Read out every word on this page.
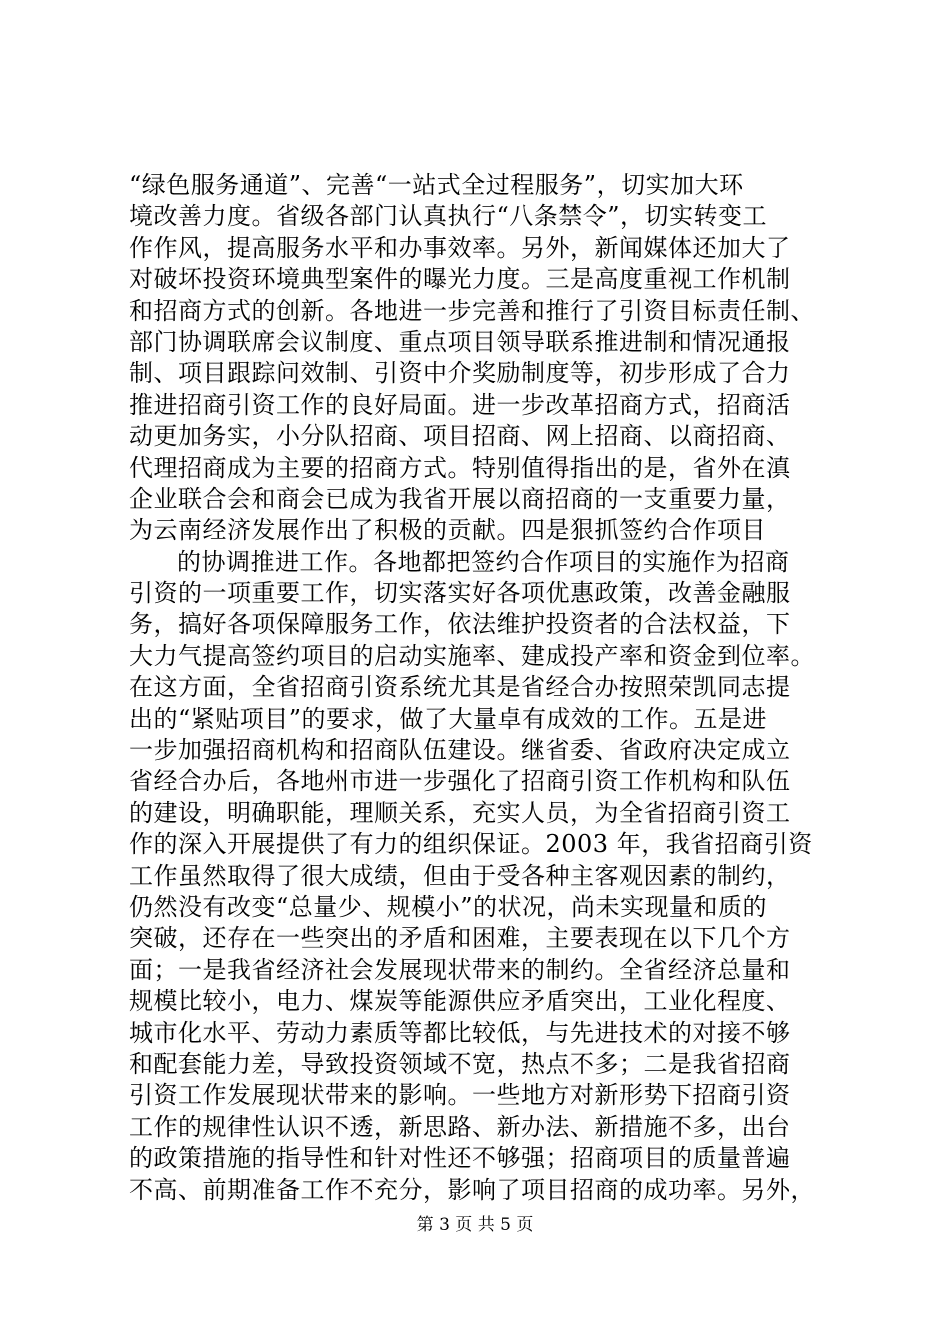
“绿色服务通道”、完善“一站式全过程服务”，切实加大环
境改善力度。省级各部门认真执行“八条禁令”，切实转变工
作作风，提高服务水平和办事效率。另外，新闻媒体还加大了
对破坏投资环境典型案件的曝光力度。三是高度重视工作机制
和招商方式的创新。各地进一步完善和推行了引资目标责任制、
部门协调联席会议制度、重点项目领导联系推进制和情况通报
制、项目跟踪问效制、引资中介奖励制度等，初步形成了合力
推进招商引资工作的良好局面。进一步改革招商方式，招商活
动更加务实，小分队招商、项目招商、网上招商、以商招商、
代理招商成为主要的招商方式。特别值得指出的是，省外在滇
企业联合会和商会已成为我省开展以商招商的一支重要力量，
为云南经济发展作出了积极的贡献。四是狠抓签约合作项目
的协调推进工作。各地都把签约合作项目的实施作为招商
引资的一项重要工作，切实落实好各项优惠政策，改善金融服
务，搞好各项保障服务工作，依法维护投资者的合法权益，下
大力气提高签约项目的启动实施率、建成投产率和资金到位率。
在这方面，全省招商引资系统尤其是省经合办按照荣凯同志提
出的“紧贴项目”的要求，做了大量卓有成效的工作。五是进
一步加强招商机构和招商队伍建设。继省委、省政府决定成立
省经合办后，各地州市进一步强化了招商引资工作机构和队伍
的建设，明确职能，理顺关系，充实人员，为全省招商引资工
作的深入开展提供了有力的组织保证。2003 年，我省招商引资
工作虽然取得了很大成绩，但由于受各种主客观因素的制约，
仍然没有改变“总量少、规模小”的状况，尚未实现量和质的
突破，还存在一些突出的矛盾和困难，主要表现在以下几个方
面；一是我省经济社会发展现状带来的制约。全省经济总量和
规模比较小，电力、煤炭等能源供应矛盾突出，工业化程度、
城市化水平、劳动力素质等都比较低，与先进技术的对接不够
和配套能力差，导致投资领域不宽，热点不多；二是我省招商
引资工作发展现状带来的影响。一些地方对新形势下招商引资
工作的规律性认识不透，新思路、新办法、新措施不多，出台
的政策措施的指导性和针对性还不够强；招商项目的质量普遍
不高、前期准备工作不充分，影响了项目招商的成功率。另外，
第 3 页 共 5 页
